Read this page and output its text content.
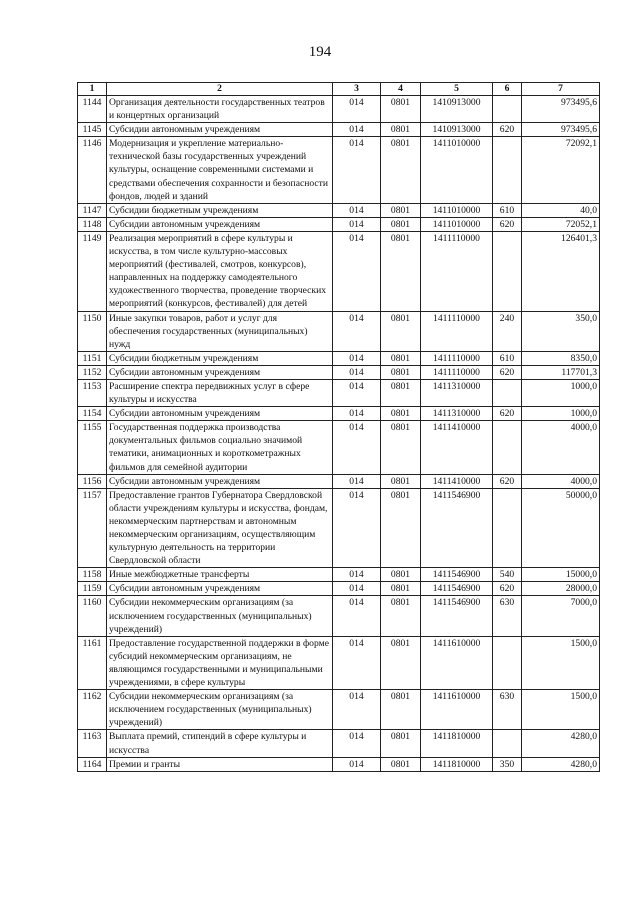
194
1	2	3	4	5	6	7
1144	Организация деятельности государственных театров и концертных организаций	014	0801	1410913000		973495,6
1145	Субсидии автономным учреждениям	014	0801	1410913000	620	973495,6
1146	Модернизация и укрепление материально-технической базы государственных учреждений культуры, оснащение современными системами и средствами обеспечения сохранности и безопасности фондов, людей и зданий	014	0801	1411010000		72092,1
1147	Субсидии бюджетным учреждениям	014	0801	1411010000	610	40,0
1148	Субсидии автономным учреждениям	014	0801	1411010000	620	72052,1
1149	Реализация мероприятий в сфере культуры и искусства, в том числе культурно-массовых мероприятий (фестивалей, смотров, конкурсов), направленных на поддержку самодеятельного художественного творчества, проведение творческих мероприятий (конкурсов, фестивалей) для детей	014	0801	1411110000		126401,3
1150	Иные закупки товаров, работ и услуг для обеспечения государственных (муниципальных) нужд	014	0801	1411110000	240	350,0
1151	Субсидии бюджетным учреждениям	014	0801	1411110000	610	8350,0
1152	Субсидии автономным учреждениям	014	0801	1411110000	620	117701,3
1153	Расширение спектра передвижных услуг в сфере культуры и искусства	014	0801	1411310000		1000,0
1154	Субсидии автономным учреждениям	014	0801	1411310000	620	1000,0
1155	Государственная поддержка производства документальных фильмов социально значимой тематики, анимационных и короткометражных фильмов для семейной аудитории	014	0801	1411410000		4000,0
1156	Субсидии автономным учреждениям	014	0801	1411410000	620	4000,0
1157	Предоставление грантов Губернатора Свердловской области учреждениям культуры и искусства, фондам, некоммерческим партнерствам и автономным некоммерческим организациям, осуществляющим культурную деятельность на территории Свердловской области	014	0801	1411546900		50000,0
1158	Иные межбюджетные трансферты	014	0801	1411546900	540	15000,0
1159	Субсидии автономным учреждениям	014	0801	1411546900	620	28000,0
1160	Субсидии некоммерческим организациям (за исключением государственных (муниципальных) учреждений)	014	0801	1411546900	630	7000,0
1161	Предоставление государственной поддержки в форме субсидий некоммерческим организациям, не являющимся государственными и муниципальными учреждениями, в сфере культуры	014	0801	1411610000		1500,0
1162	Субсидии некоммерческим организациям (за исключением государственных (муниципальных) учреждений)	014	0801	1411610000	630	1500,0
1163	Выплата премий, стипендий в сфере культуры и искусства	014	0801	1411810000		4280,0
1164	Премии и гранты	014	0801	1411810000	350	4280,0
